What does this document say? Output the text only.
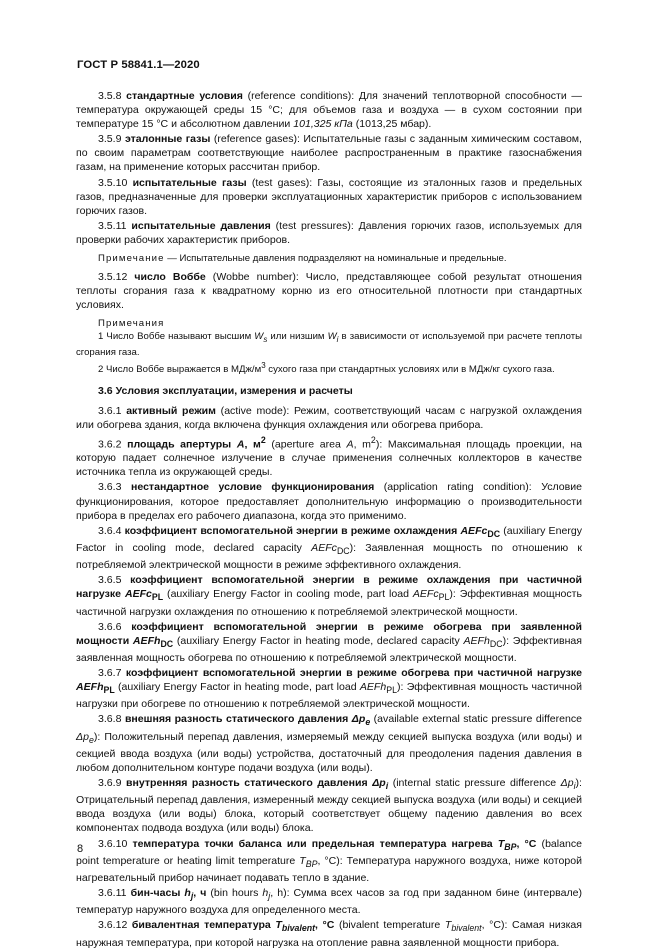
ГОСТ Р 58841.1—2020

3.5.8 стандартные условия (reference conditions): Для значений теплотворной способности — температура окружающей среды 15 °С; для объемов газа и воздуха — в сухом состоянии при температуре 15 °С и абсолютном давлении 101,325 кПа (1013,25 мбар).

3.5.9 эталонные газы (reference gases): Испытательные газы с заданным химическим составом, по своим параметрам соответствующие наиболее распространенным в практике газоснабжения газам, на применение которых рассчитан прибор.

3.5.10 испытательные газы (test gases): Газы, состоящие из эталонных газов и предельных газов, предназначенные для проверки эксплуатационных характеристик приборов с использованием горючих газов.

3.5.11 испытательные давления (test pressures): Давления горючих газов, используемых для проверки рабочих характеристик приборов.

Примечание — Испытательные давления подразделяют на номинальные и предельные.

3.5.12 число Воббе (Wobbe number): Число, представляющее собой результат отношения теплоты сгорания газа к квадратному корню из его относительной плотности при стандартных условиях.

Примечания

1 Число Воббе называют высшим $W_s$ или низшим $W_i$ в зависимости от используемой при расчете теплоты сгорания газа.

2 Число Воббе выражается в МДж/$м^3$ сухого газа при стандартных условиях или в МДж/кг сухого газа.

3.6 Условия эксплуатации, измерения и расчеты

3.6.1 активный режим (active mode): Режим, соответствующий часам с нагрузкой охлаждения или обогрева здания, когда включена функция охлаждения или обогрева прибора.

3.6.2 площадь апертуры А, $м^2$ (aperture area A, $m^2$): Максимальная площадь проекции, на которую падает солнечное излучение в случае применения солнечных коллекторов в качестве источника тепла из окружающей среды.

3.6.3 нестандартное условие функционирования (application rating condition): Условие функционирования, которое предоставляет дополнительную информацию о производительности прибора в пределах его рабочего диапазона, когда это применимо.

3.6.4 коэффициент вспомогательной энергии в режиме охлаждения AEFc$_{DC}$ (auxiliary Energy Factor in cooling mode, declared capacity AEFc$_{DC}$): Заявленная мощность по отношению к потребляемой электрической мощности в режиме эффективного охлаждения.

3.6.5 коэффициент вспомогательной энергии в режиме охлаждения при частичной нагрузке AEFc$_{PL}$ (auxiliary Energy Factor in cooling mode, part load AEFc$_{PL}$): Эффективная мощность частичной нагрузки охлаждения по отношению к потребляемой электрической мощности.

3.6.6 коэффициент вспомогательной энергии в режиме обогрева при заявленной мощности AEFh$_{DC}$ (auxiliary Energy Factor in heating mode, declared capacity AEFh$_{DC}$): Эффективная заявленная мощность обогрева по отношению к потребляемой электрической мощности.

3.6.7 коэффициент вспомогательной энергии в режиме обогрева при частичной нагрузке AEFh$_{PL}$ (auxiliary Energy Factor in heating mode, part load AEFh$_{PL}$): Эффективная мощность частичной нагрузки при обогреве по отношению к потребляемой электрической мощности.

3.6.8 внешняя разность статического давления $\Delta p_e$ (available external static pressure difference $\Delta p_e$): Положительный перепад давления, измеряемый между секцией выпуска воздуха (или воды) и секцией ввода воздуха (или воды) устройства, достаточный для преодоления падения давления в любом дополнительном контуре подачи воздуха (или воды).

3.6.9 внутренняя разность статического давления $\Delta p_i$ (internal static pressure difference $\Delta p_i$): Отрицательный перепад давления, измеренный между секцией выпуска воздуха (или воды) и секцией ввода воздуха (или воды) блока, который соответствует общему падению давления во всех компонентах подвода воздуха (или воды) блока.

3.6.10 температура точки баланса или предельная температура нагрева $T_{BP}$, °С (balance point temperature or heating limit temperature $T_{BP}$, °C): Температура наружного воздуха, ниже которой нагревательный прибор начинает подавать тепло в здание.

3.6.11 бин-часы $h_j$, ч (bin hours $h_j$, h): Сумма всех часов за год при заданном бине (интервале) температур наружного воздуха для определенного места.

3.6.12 бивалентная температура $T_{bivalent}$, °С (bivalent temperature $T_{bivalent}$, °C): Самая низкая наружная температура, при которой нагрузка на отопление равна заявленной мощности прибора.

8
